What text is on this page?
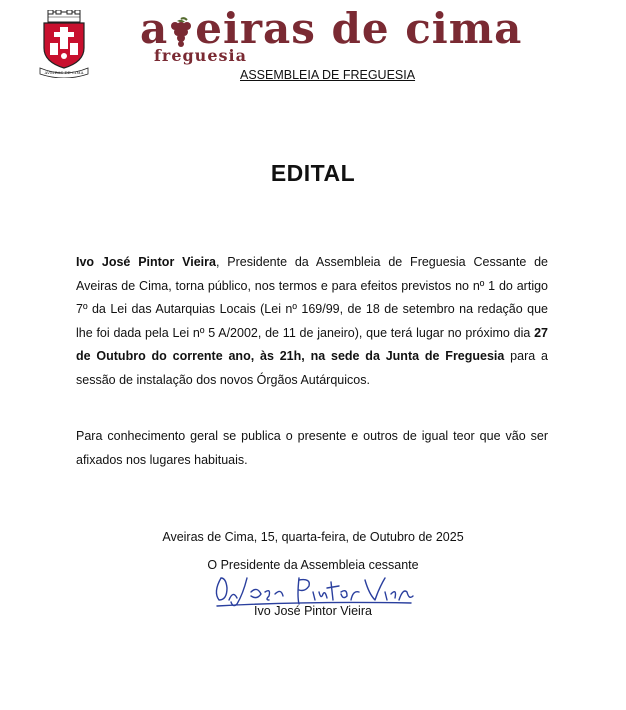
AVEIRAS DE CIMA
a eiras de cima
freguesia
ASSEMBLEIA DE FREGUESIA
EDITAL
Ivo José Pintor Vieira, Presidente da Assembleia de Freguesia Cessante de Aveiras de Cima, torna público, nos termos e para efeitos previstos no nº 1 do artigo 7º da Lei das Autarquias Locais (Lei nº 169/99, de 18 de setembro na redação que lhe foi dada pela Lei nº 5 A/2002, de 11 de janeiro), que terá lugar no próximo dia 27 de Outubro do corrente ano, às 21h, na sede da Junta de Freguesia para a sessão de instalação dos novos Órgãos Autárquicos.
Para conhecimento geral se publica o presente e outros de igual teor que vão ser afixados nos lugares habituais.
Aveiras de Cima, 15, quarta-feira, de Outubro de 2025
O Presidente da Assembleia cessante
Ivo José Pintor Vieira
